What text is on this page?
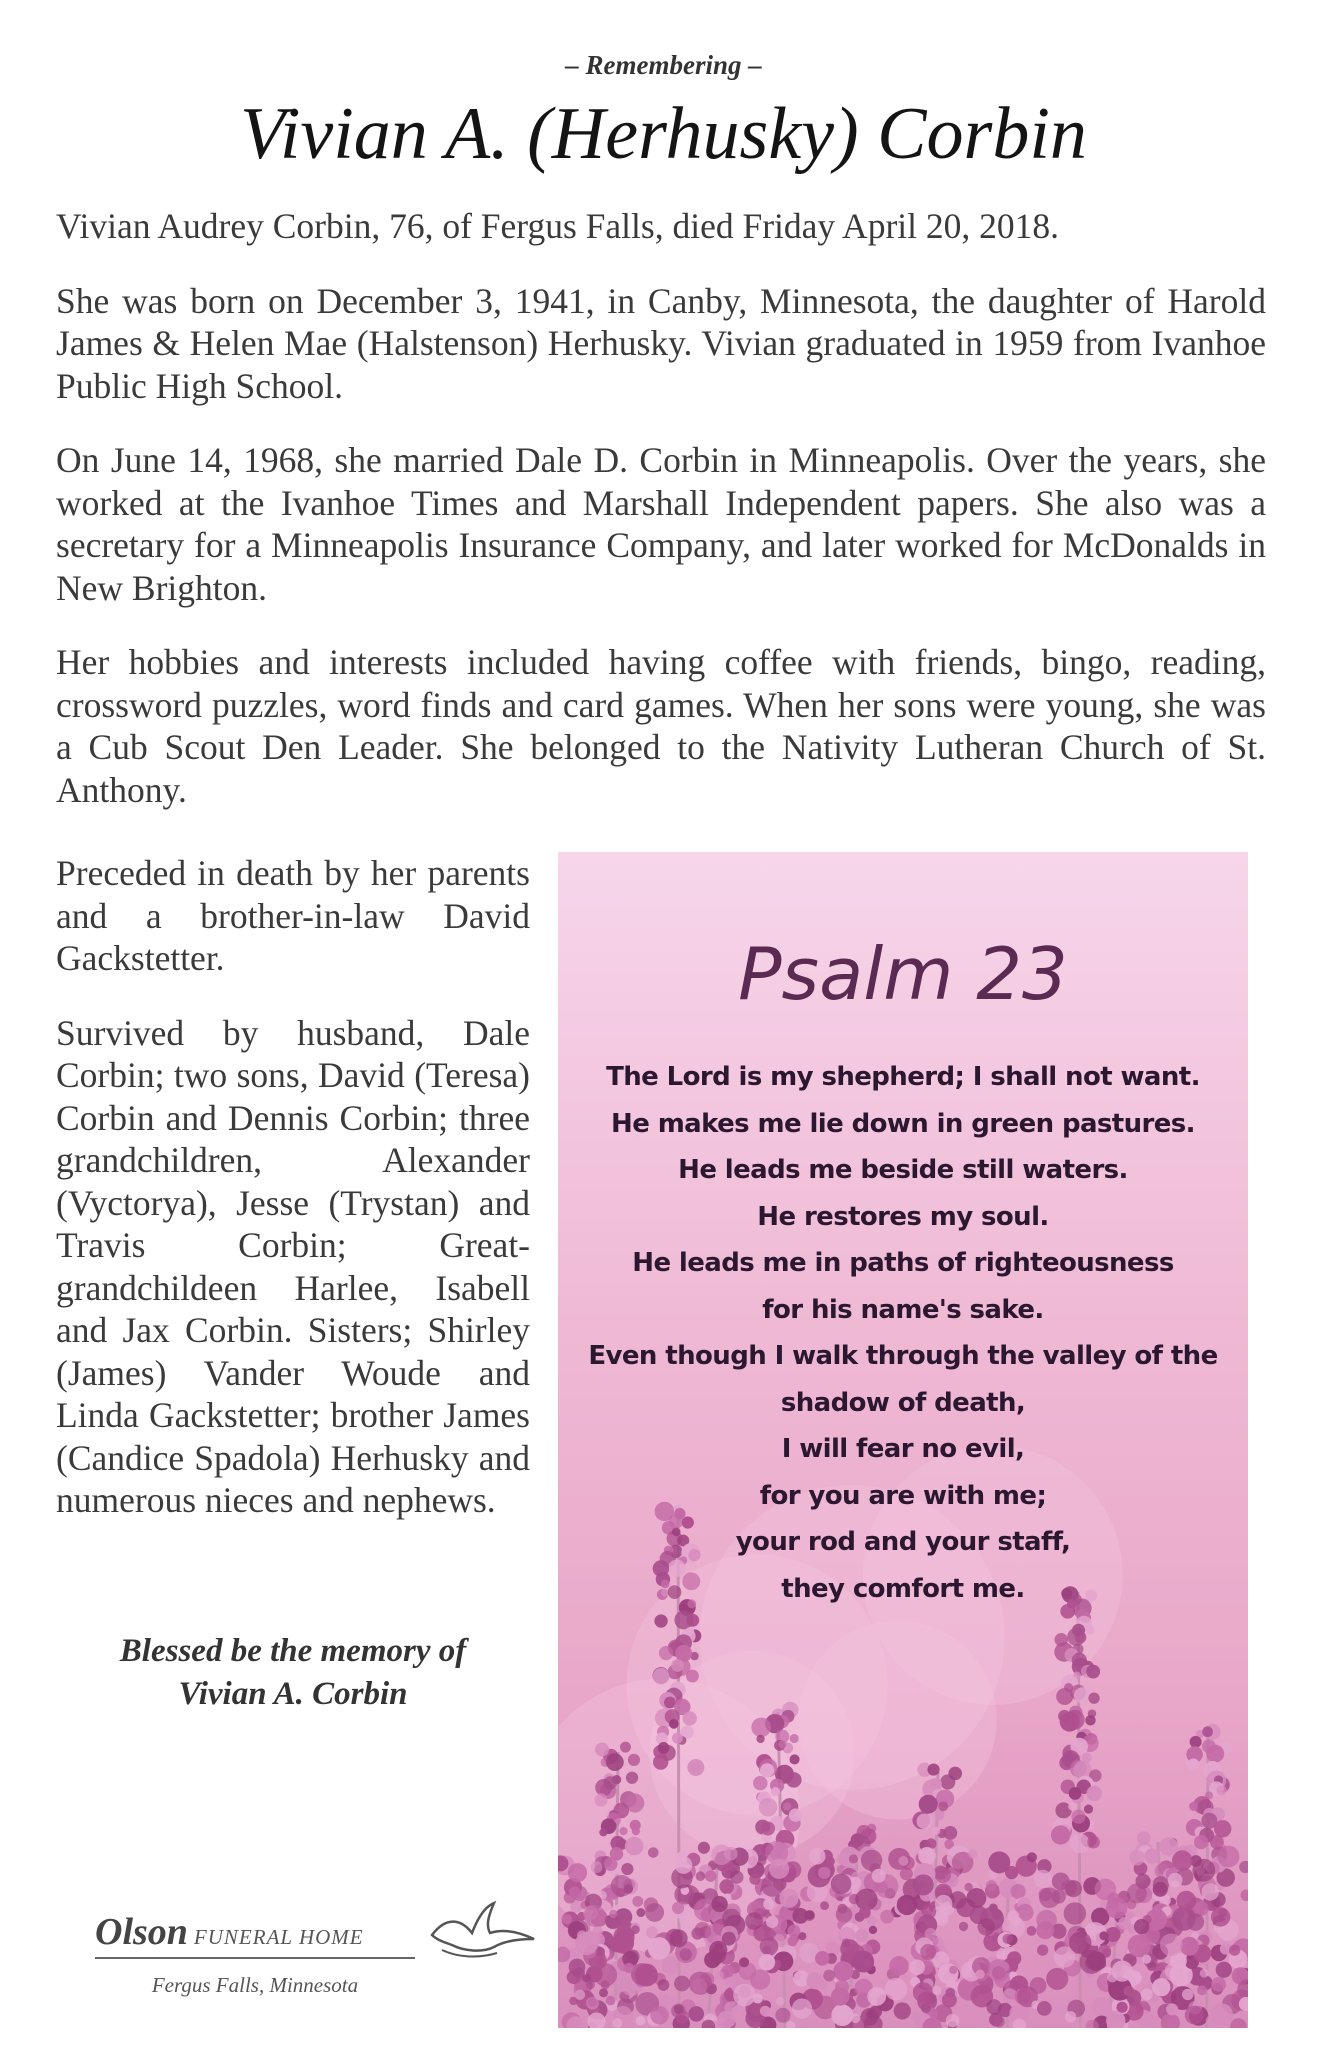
– Remembering –
Vivian A. (Herhusky) Corbin

Vivian Audrey Corbin, 76, of Fergus Falls, died Friday April 20, 2018.

She was born on December 3, 1941, in Canby, Minnesota, the daughter of Harold James & Helen Mae (Halstenson) Herhusky. Vivian graduated in 1959 from Ivanhoe Public High School.

On June 14, 1968, she married Dale D. Corbin in Minneapolis. Over the years, she worked at the Ivanhoe Times and Marshall Independent papers. She also was a secretary for a Minneapolis Insurance Company, and later worked for McDonalds in New Brighton.

Her hobbies and interests included having coffee with friends, bingo, reading, crossword puzzles, word finds and card games. When her sons were young, she was a Cub Scout Den Leader. She belonged to the Nativity Lutheran Church of St. Anthony.

Preceded in death by her parents and a brother-in-law David Gackstetter.

Survived by husband, Dale Corbin; two sons, David (Teresa) Corbin and Dennis Corbin; three grandchildren, Alexander (Vyctorya), Jesse (Trystan) and Travis Corbin; Great-grandchildeen Harlee, Isabell and Jax Corbin. Sisters; Shirley (James) Vander Woude and Linda Gackstetter; brother James (Candice Spadola) Herhusky and numerous nieces and nephews.

Blessed be the memory of
Vivian A. Corbin
Olson FUNERAL HOME
Fergus Falls, Minnesota
Psalm 23
The Lord is my shepherd; I shall not want.
He makes me lie down in green pastures.
He leads me beside still waters.
He restores my soul.
He leads me in paths of righteousness
for his name's sake.
Even though I walk through the valley of the
shadow of death,
I will fear no evil,
for you are with me;
your rod and your staff,
they comfort me.
